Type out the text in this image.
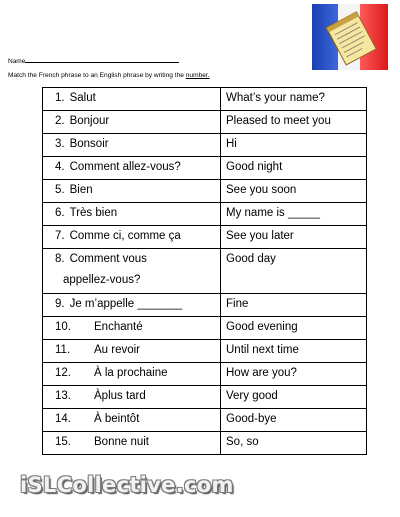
Name
Match the French phrase to an English phrase by writing the number.
1. Salut	What’s your name?
2. Bonjour	Pleased to meet you
3. Bonsoir	Hi
4. Comment allez-vous?	Good night
5. Bien	See you soon
6. Très bien	My name is _____
7. Comme ci, comme ça	See you later
8. Comment vous
appellez-vous?	Good day
9. Je m’appelle _______	Fine
10. Enchanté	Good evening
11. Au revoir	Until next time
12. À la prochaine	How are you?
13. Àplus tard	Very good
14. À beintôt	Good-bye
15. Bonne nuit	So, so
iSLCollective.com
